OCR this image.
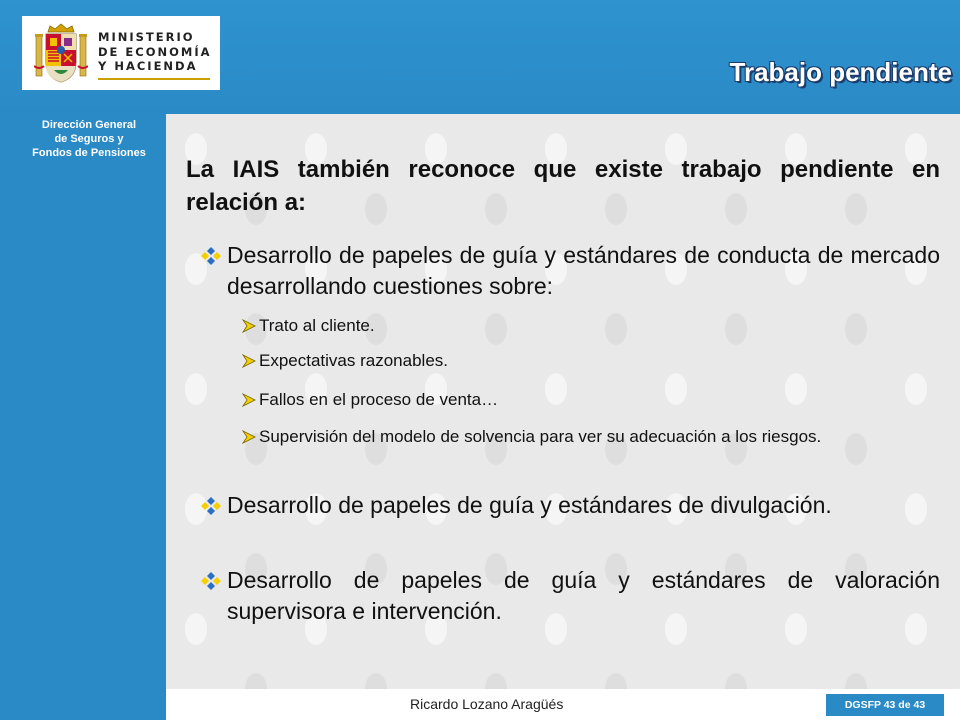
MINISTERIO
DE ECONOMÍA
Y HACIENDA
Dirección General
de Seguros y
Fondos de Pensiones
Trabajo pendiente
La IAIS también reconoce que existe trabajo pendiente en relación a:
Desarrollo de papeles de guía y estándares de conducta de mercado desarrollando cuestiones sobre:
Trato al cliente.
Expectativas razonables.
Fallos en el proceso de venta…
Supervisión del modelo de solvencia para ver su adecuación a los riesgos.
Desarrollo de papeles de guía y estándares de divulgación.
Desarrollo de papeles de guía y estándares de valoración supervisora e intervención.
Ricardo Lozano Aragüés	DGSFP 43 de 43
